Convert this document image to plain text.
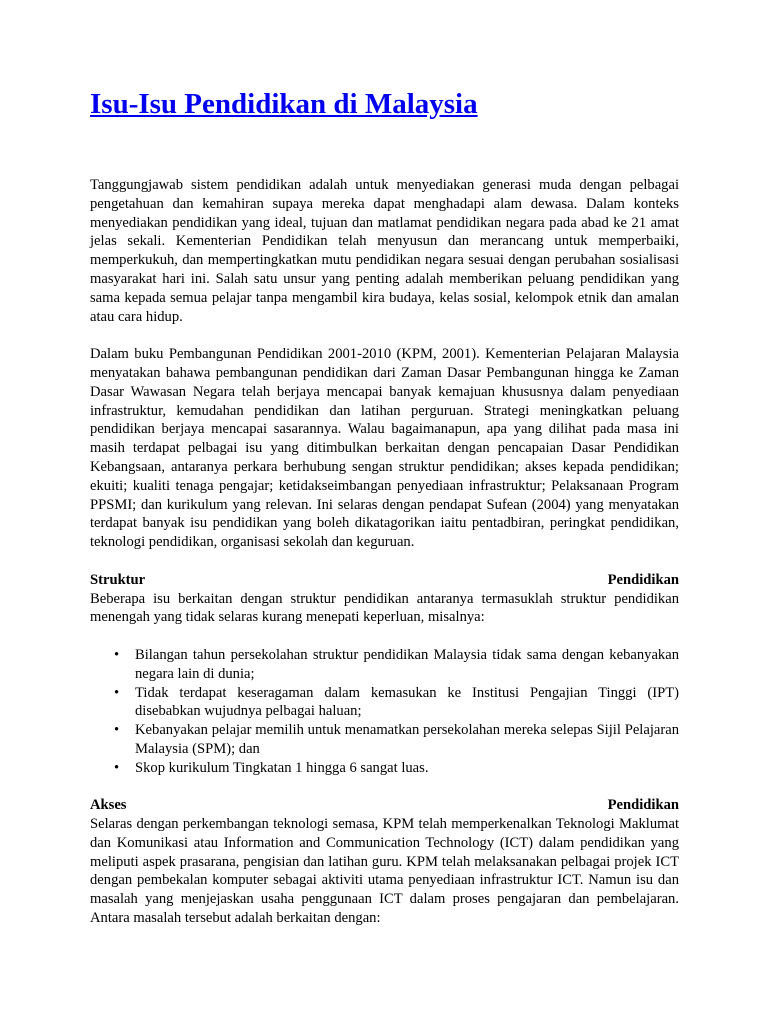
Isu-Isu Pendidikan di Malaysia

Tanggungjawab sistem pendidikan adalah untuk menyediakan generasi muda dengan pelbagai pengetahuan dan kemahiran supaya mereka dapat menghadapi alam dewasa. Dalam konteks menyediakan pendidikan yang ideal, tujuan dan matlamat pendidikan negara pada abad ke 21 amat jelas sekali. Kementerian Pendidikan telah menyusun dan merancang untuk memperbaiki, memperkukuh, dan mempertingkatkan mutu pendidikan negara sesuai dengan perubahan sosialisasi masyarakat hari ini. Salah satu unsur yang penting adalah memberikan peluang pendidikan yang sama kepada semua pelajar tanpa mengambil kira budaya, kelas sosial, kelompok etnik dan amalan atau cara hidup.

Dalam buku Pembangunan Pendidikan 2001-2010 (KPM, 2001). Kementerian Pelajaran Malaysia menyatakan bahawa pembangunan pendidikan dari Zaman Dasar Pembangunan hingga ke Zaman Dasar Wawasan Negara telah berjaya mencapai banyak kemajuan khususnya dalam penyediaan infrastruktur, kemudahan pendidikan dan latihan perguruan. Strategi meningkatkan peluang pendidikan berjaya mencapai sasarannya. Walau bagaimanapun, apa yang dilihat pada masa ini masih terdapat pelbagai isu yang ditimbulkan berkaitan dengan pencapaian Dasar Pendidikan Kebangsaan, antaranya perkara berhubung sengan struktur pendidikan; akses kepada pendidikan; ekuiti; kualiti tenaga pengajar; ketidakseimbangan penyediaan infrastruktur; Pelaksanaan Program PPSMI; dan kurikulum yang relevan. Ini selaras dengan pendapat Sufean (2004) yang menyatakan terdapat banyak isu pendidikan yang boleh dikatagorikan iaitu pentadbiran, peringkat pendidikan, teknologi pendidikan, organisasi sekolah dan keguruan.

Struktur	Pendidikan

Beberapa isu berkaitan dengan struktur pendidikan antaranya termasuklah struktur pendidikan menengah yang tidak selaras kurang menepati keperluan, misalnya:

• Bilangan tahun persekolahan struktur pendidikan Malaysia tidak sama dengan kebanyakan negara lain di dunia;
• Tidak terdapat keseragaman dalam kemasukan ke Institusi Pengajian Tinggi (IPT) disebabkan wujudnya pelbagai haluan;
• Kebanyakan pelajar memilih untuk menamatkan persekolahan mereka selepas Sijil Pelajaran Malaysia (SPM); dan
• Skop kurikulum Tingkatan 1 hingga 6 sangat luas.
Akses	Pendidikan

Selaras dengan perkembangan teknologi semasa, KPM telah memperkenalkan Teknologi Maklumat dan Komunikasi atau Information and Communication Technology (ICT) dalam pendidikan yang meliputi aspek prasarana, pengisian dan latihan guru. KPM telah melaksanakan pelbagai projek ICT dengan pembekalan komputer sebagai aktiviti utama penyediaan infrastruktur ICT. Namun isu dan masalah yang menjejaskan usaha penggunaan ICT dalam proses pengajaran dan pembelajaran. Antara masalah tersebut adalah berkaitan dengan:
